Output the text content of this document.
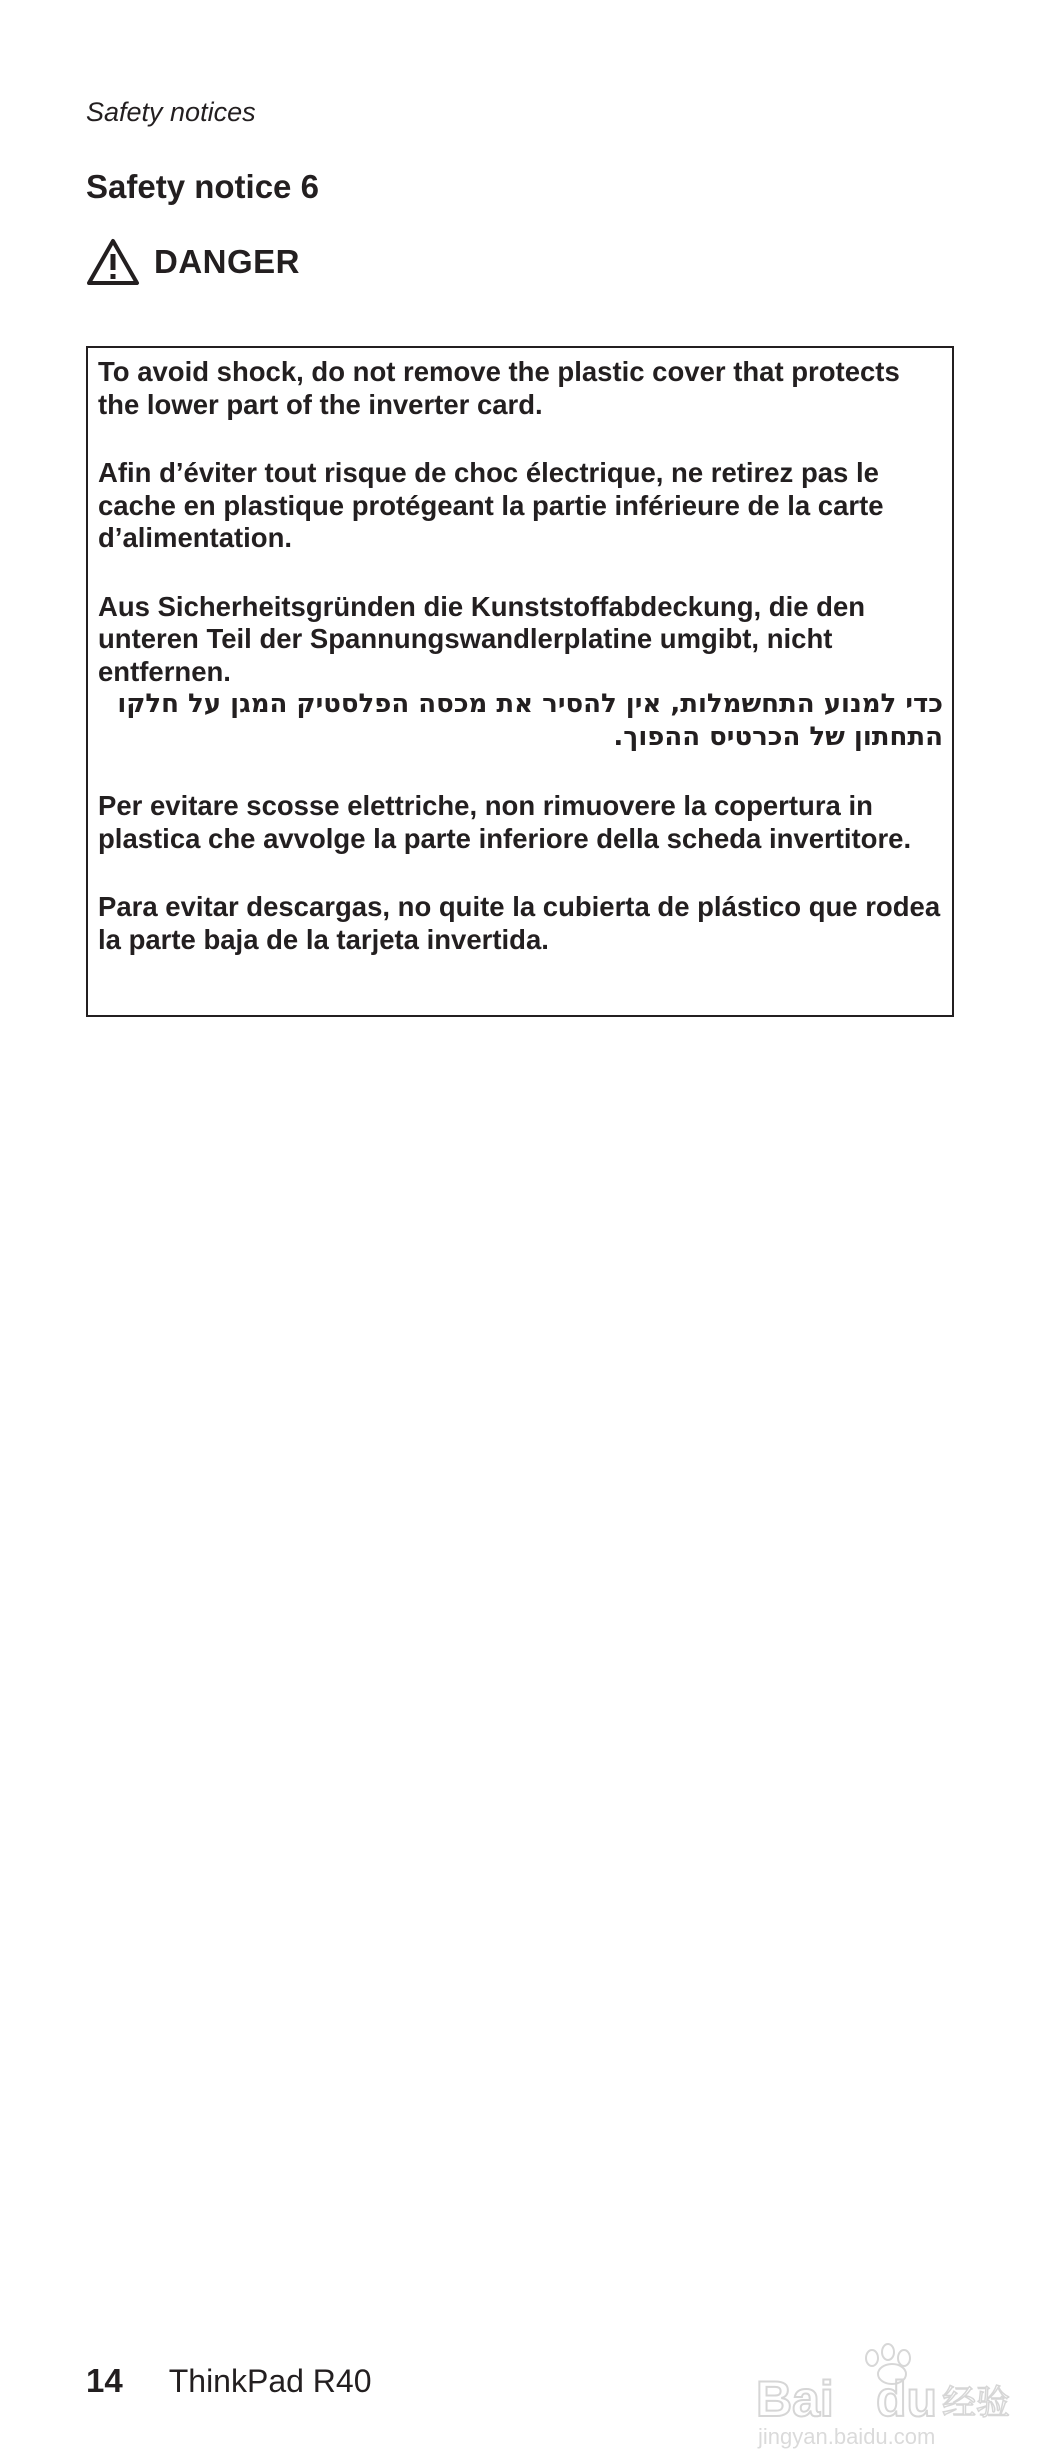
Safety notices
Safety notice 6
DANGER

To avoid shock, do not remove the plastic cover that protects the lower part of the inverter card.

Afin d’éviter tout risque de choc électrique, ne retirez pas le cache en plastique protégeant la partie inférieure de la carte d’alimentation.

Aus Sicherheitsgründen die Kunststoffabdeckung, die den unteren Teil der Spannungswandlerplatine umgibt, nicht entfernen.

כדי למנוע התחשמלות, אין להסיר את מכסה הפלסטיק המגן על חלקו התחתון של הכרטיס ההפוך.

Per evitare scosse elettriche, non rimuovere la copertura in plastica che avvolge la parte inferiore della scheda invertitore.

Para evitar descargas, no quite la cubierta de plástico que rodea la parte baja de la tarjeta invertida.

14 ThinkPad R40	Bai du 经验
jingyan.baidu.com
